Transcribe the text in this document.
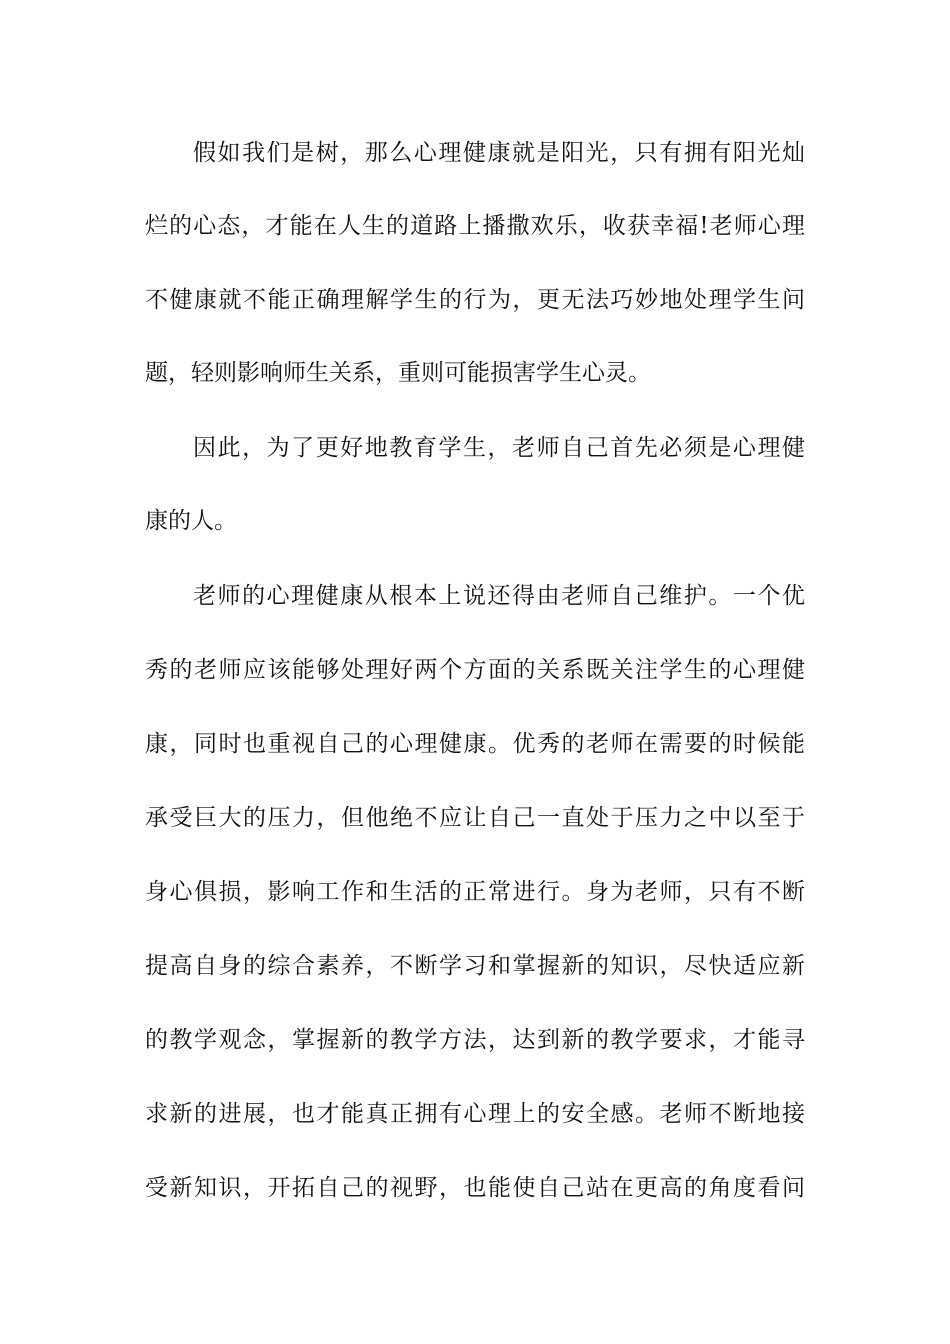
假如我们是树，那么心理健康就是阳光，只有拥有阳光灿
烂的心态，才能在人生的道路上播撒欢乐，收获幸福!老师心理
不健康就不能正确理解学生的行为，更无法巧妙地处理学生问
题，轻则影响师生关系，重则可能损害学生心灵。
因此，为了更好地教育学生，老师自己首先必须是心理健
康的人。
老师的心理健康从根本上说还得由老师自己维护。一个优
秀的老师应该能够处理好两个方面的关系既关注学生的心理健
康，同时也重视自己的心理健康。优秀的老师在需要的时候能
承受巨大的压力，但他绝不应让自己一直处于压力之中以至于
身心俱损，影响工作和生活的正常进行。身为老师，只有不断
提高自身的综合素养，不断学习和掌握新的知识，尽快适应新
的教学观念，掌握新的教学方法，达到新的教学要求，才能寻
求新的进展，也才能真正拥有心理上的安全感。老师不断地接
受新知识，开拓自己的视野，也能使自己站在更高的角度看问
